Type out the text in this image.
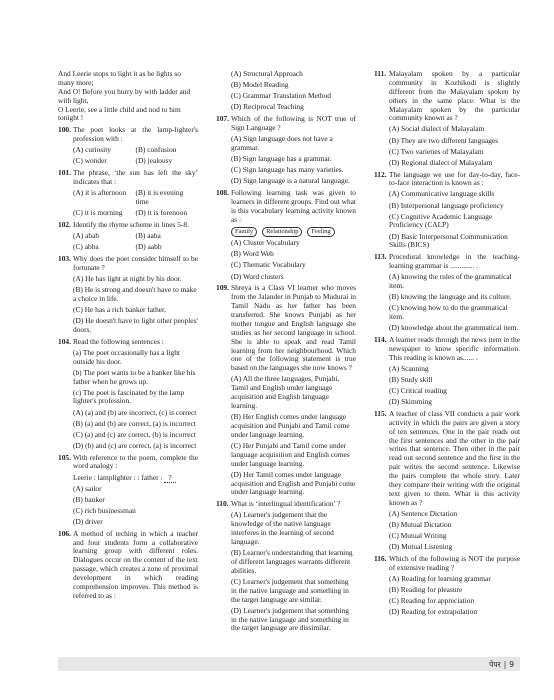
And Leerie stops to light it as he lights so many more;

And O! Before you hurry by with ladder and with light,

O Leerie, see a little child and nod to him tonight !

100. The poet looks at the lamp-lighter's profession with :
(A) curiosity	(B) confusion
(C) wonder	(D) jealousy
101. The phrase, ‘the sun has left the sky’ indicates that :
(A) it is afternoon	(B) it is evening time
(C) it is morning	(D) it is forenoon
102. Identify the rhyme scheme in lines 5-8.
(A) abab	(B) aaba
(C) abba	(D) aabb
103. Why does the poet consider himself to be fortunate ?
(A) He has light at night by his door.
(B) He is strong and doesn't have to make a choice in life.
(C) He has a rich banker father.
(D) He doesn't have to light other peoples' doors.
104. Read the following sentences :
(a) The poet occasionally has a light outside his door.
(b) The poet wants to be a banker like his father when he grows up.
(c) The poet is fascinated by the lamp lighter's profession.
(A) (a) and (b) are incorrect, (c) is correct
(B) (a) and (b) are correct, (a) is incorrect
(C) (a) and (c) are correct, (b) is incorrect
(D) (b) and (c) are correct, (a) is incorrect
105. With reference to the poem, complete the word analogy :
Leerie : lamplighter : : father : ?
(A) sailor
(B) banker
(C) rich businessman
(D) driver
106. A method of teching in which a teacher and four students form a collaborative learning group with different roles. Dialogues occur on the content of the text passage, which creates a zone of proximal development in which reading comprehension improves. This method is referred to as :
(A) Structural Approach
(B) Model Reading
(C) Grammar Translation Method
(D) Reciprocal Teaching
107. Which of the following is NOT true of Sign Language ?
(A) Sign language does not have a grammar.
(B) Sign language has a grammar.
(C) Sign language has many varieties.
(D) Sign language is a natural language.
108. Following learning task was given to learners in different groups. Find out what is this vocabulary learning activity known as :
Family	Relationship	Feeling
(A) Cluster Vocabulary
(B) Word Web
(C) Thematic Vocabulary
(D) Word clusters
109. Shreya is a Class VI learner who moves from the Jalander in Punjab to Mudurai in Tamil Nadu as her father has been transferred. She knows Punjabi as her mother tongue and English language she studies as her second language in school. She is able to speak and read Tamil learning from her neighbourhood. Which one of the following statement is true based on the languages she now knows ?
(A) All the three languages, Punjabi, Tamil and English under language acquisition and English language learning.
(B) Her English comes under language acquisition and Punjabi and Tamil come under language learning.
(C) Her Punjabi and Tamil come under language acquisition and English comes under language learning.
(D) Her Tamil comes under language acquisition and English and Punjabi come under language learning.
110. What is ‘interlingual identification’ ?
(A) Learner's judgement that the knowledge of the native language interferes in the learning of second language.
(B) Learner's understanding that learning of different languages warrants different abilities.
(C) Learner's judgement that something in the native language and something in the target language are similar.
(D) Learner's judgement that something in the native language and something in the target language are dissimilar.
111. Malayalam spoken by a particular community in Kozhikodi is slightly different from the Malayalam spoken by others in the same place. What is the Malayalam spoken by the particular community known as ?
(A) Social dialect of Malayalam
(B) They are two different languages
(C) Two varieties of Malayalam
(D) Regional dialect of Malayalam
112. The language we use for day-to-day, face-to-face interaction is known as :
(A) Communicative language skills
(B) Interpersonal language proficiency
(C) Cognitive Academic Language Proficiency (CALP)
(D) Basic Interpersonal Communication Skills (BICS)
113. Procedural knowledge in the teaching-learning grammar is ............. .
(A) knowing the rules of the grammatical item.
(B) knowing the language and its culture.
(C) knowing how to do the grammatical item.
(D) knowledge about the grammatical item.
114. A learner reads through the news item in the newspaper to know specific information. This reading is known as...... .
(A) Scanning
(B) Study skill
(C) Critical reading
(D) Skimming
115. A teacher of class VII conducts a pair work activity in which the pairs are given a story of ten sentences. One in the pair reads out the first sentences and the other in the pair writes that sentence. Then other in the pair read out second sentence and the first in the pair writes the second sentence. Likewise the pairs complete the whole story. Later they compare their writing with the original text given to them. What is this activity known as ?
(A) Sentence Dictation
(B) Mutual Dictation
(C) Mutual Writing
(D) Mutual Listening
116. Which of the following is NOT the purpose of extensive reading ?
(A) Reading for learning grammar
(B) Reading for pleasure
(C) Reading for appreciation
(D) Reading for extrapolation
पेपर | 9
